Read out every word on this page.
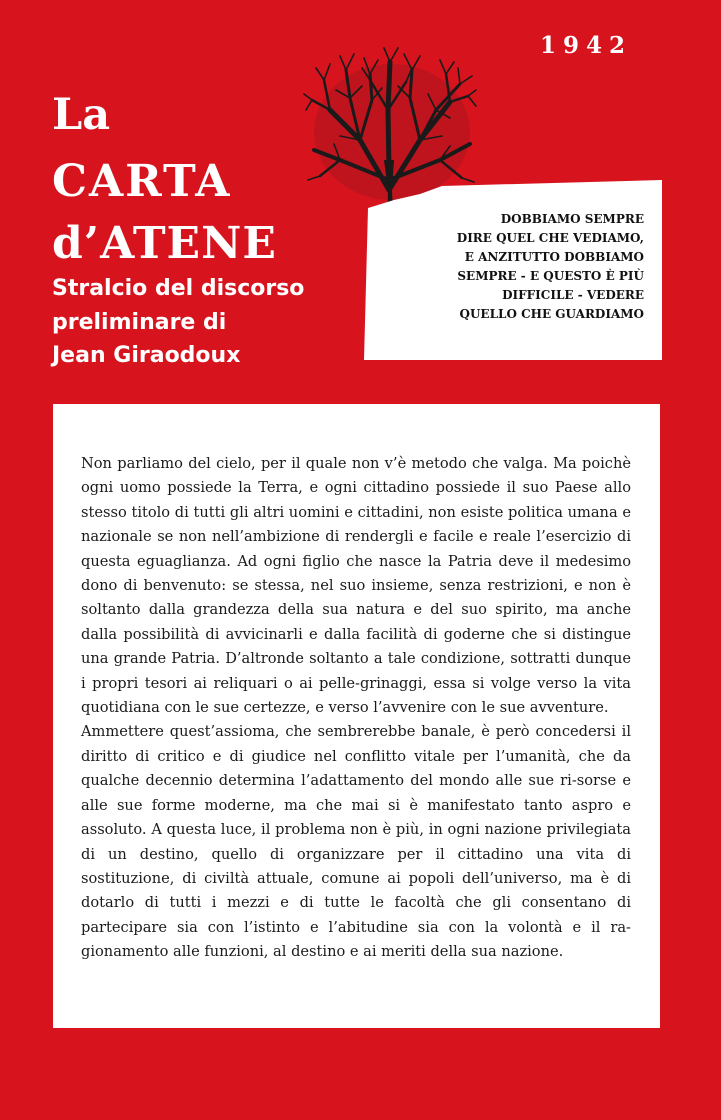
1942
La
CARTA
d’ATENE
Stralcio del discorso
preliminare di
Jean Giraodoux
DOBBIAMO SEMPRE
DIRE QUEL CHE VEDIAMO,
E ANZITUTTO DOBBIAMO
SEMPRE - E QUESTO È PIÙ
DIFFICILE - VEDERE
QUELLO CHE GUARDIAMO

Non parliamo del cielo, per il quale non v’è metodo che valga. Ma poichè ogni uomo possiede la Terra, e ogni cittadino possiede il suo Paese allo stesso titolo di tutti gli altri uomini e cittadini, non esiste politica umana e nazionale se non nell’ambizione di rendergli e facile e reale l’esercizio di questa eguaglianza. Ad ogni figlio che nasce la Patria deve il medesimo dono di benvenuto: se stessa, nel suo insieme, senza restrizioni, e non è soltanto dalla grandezza della sua natura e del suo spirito, ma anche dalla possibilità di avvicinarli e dalla facilità di goderne che si distingue una grande Patria. D’altronde soltanto a tale condizione, sottratti dunque i propri tesori ai reliquari o ai pelle-grinaggi, essa si volge verso la vita quotidiana con le sue certezze, e verso l’avvenire con le sue avventure.

Ammettere quest’assioma, che sembrerebbe banale, è però concedersi il diritto di critico e di giudice nel conflitto vitale per l’umanità, che da qualche decennio determina l’adattamento del mondo alle sue ri-sorse e alle sue forme moderne, ma che mai si è manifestato tanto aspro e assoluto. A questa luce, il problema non è più, in ogni nazione privilegiata di un destino, quello di organizzare per il cittadino una vita di sostituzione, di civiltà attuale, comune ai popoli dell’universo, ma è di dotarlo di tutti i mezzi e di tutte le facoltà che gli consentano di partecipare sia con l’istinto e l’abitudine sia con la volontà e il ra-gionamento alle funzioni, al destino e ai meriti della sua nazione.
